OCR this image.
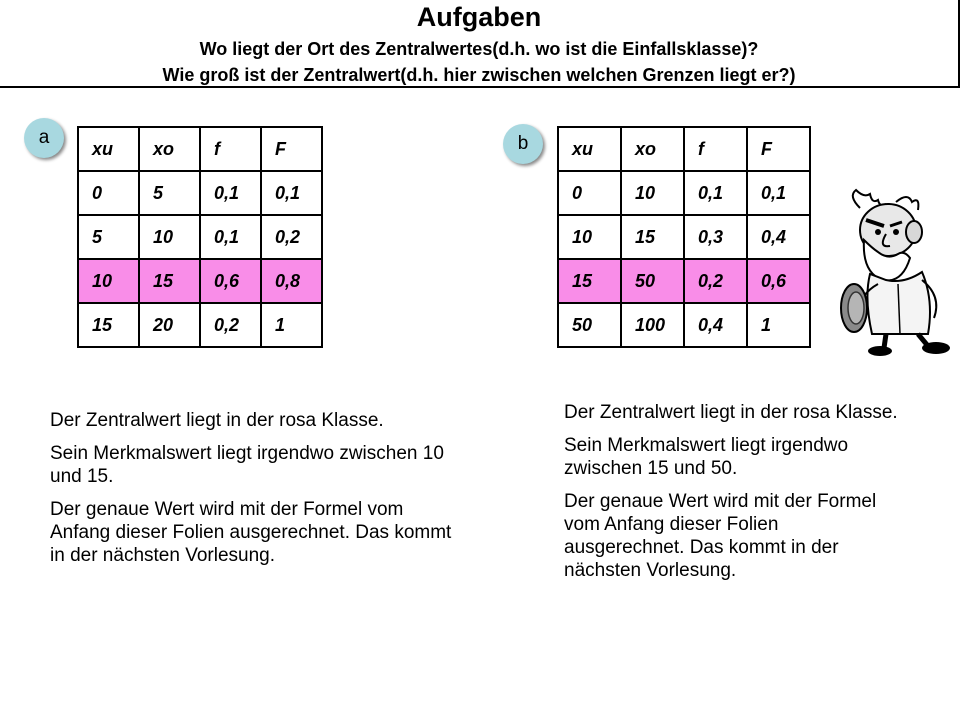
Aufgaben
Wo liegt der Ort des Zentralwertes(d.h. wo ist die Einfallsklasse)?
Wie groß ist der Zentralwert(d.h. hier zwischen welchen Grenzen liegt er?)
a	b
xu	xo	f	F
0	5	0,1	0,1
5	10	0,1	0,2
10	15	0,6	0,8
15	20	0,2	1
xu	xo	f	F
0	10	0,1	0,1
10	15	0,3	0,4
15	50	0,2	0,6
50	100	0,4	1

Der Zentralwert liegt in der rosa Klasse.

Sein Merkmalswert liegt irgendwo zwischen 10 und 15.

Der genaue Wert wird mit der Formel vom Anfang dieser Folien ausgerechnet. Das kommt in der nächsten Vorlesung.

Der Zentralwert liegt in der rosa Klasse.

Sein Merkmalswert liegt irgendwo zwischen 15 und 50.

Der genaue Wert wird mit der Formel vom Anfang dieser Folien ausgerechnet. Das kommt in der nächsten Vorlesung.
